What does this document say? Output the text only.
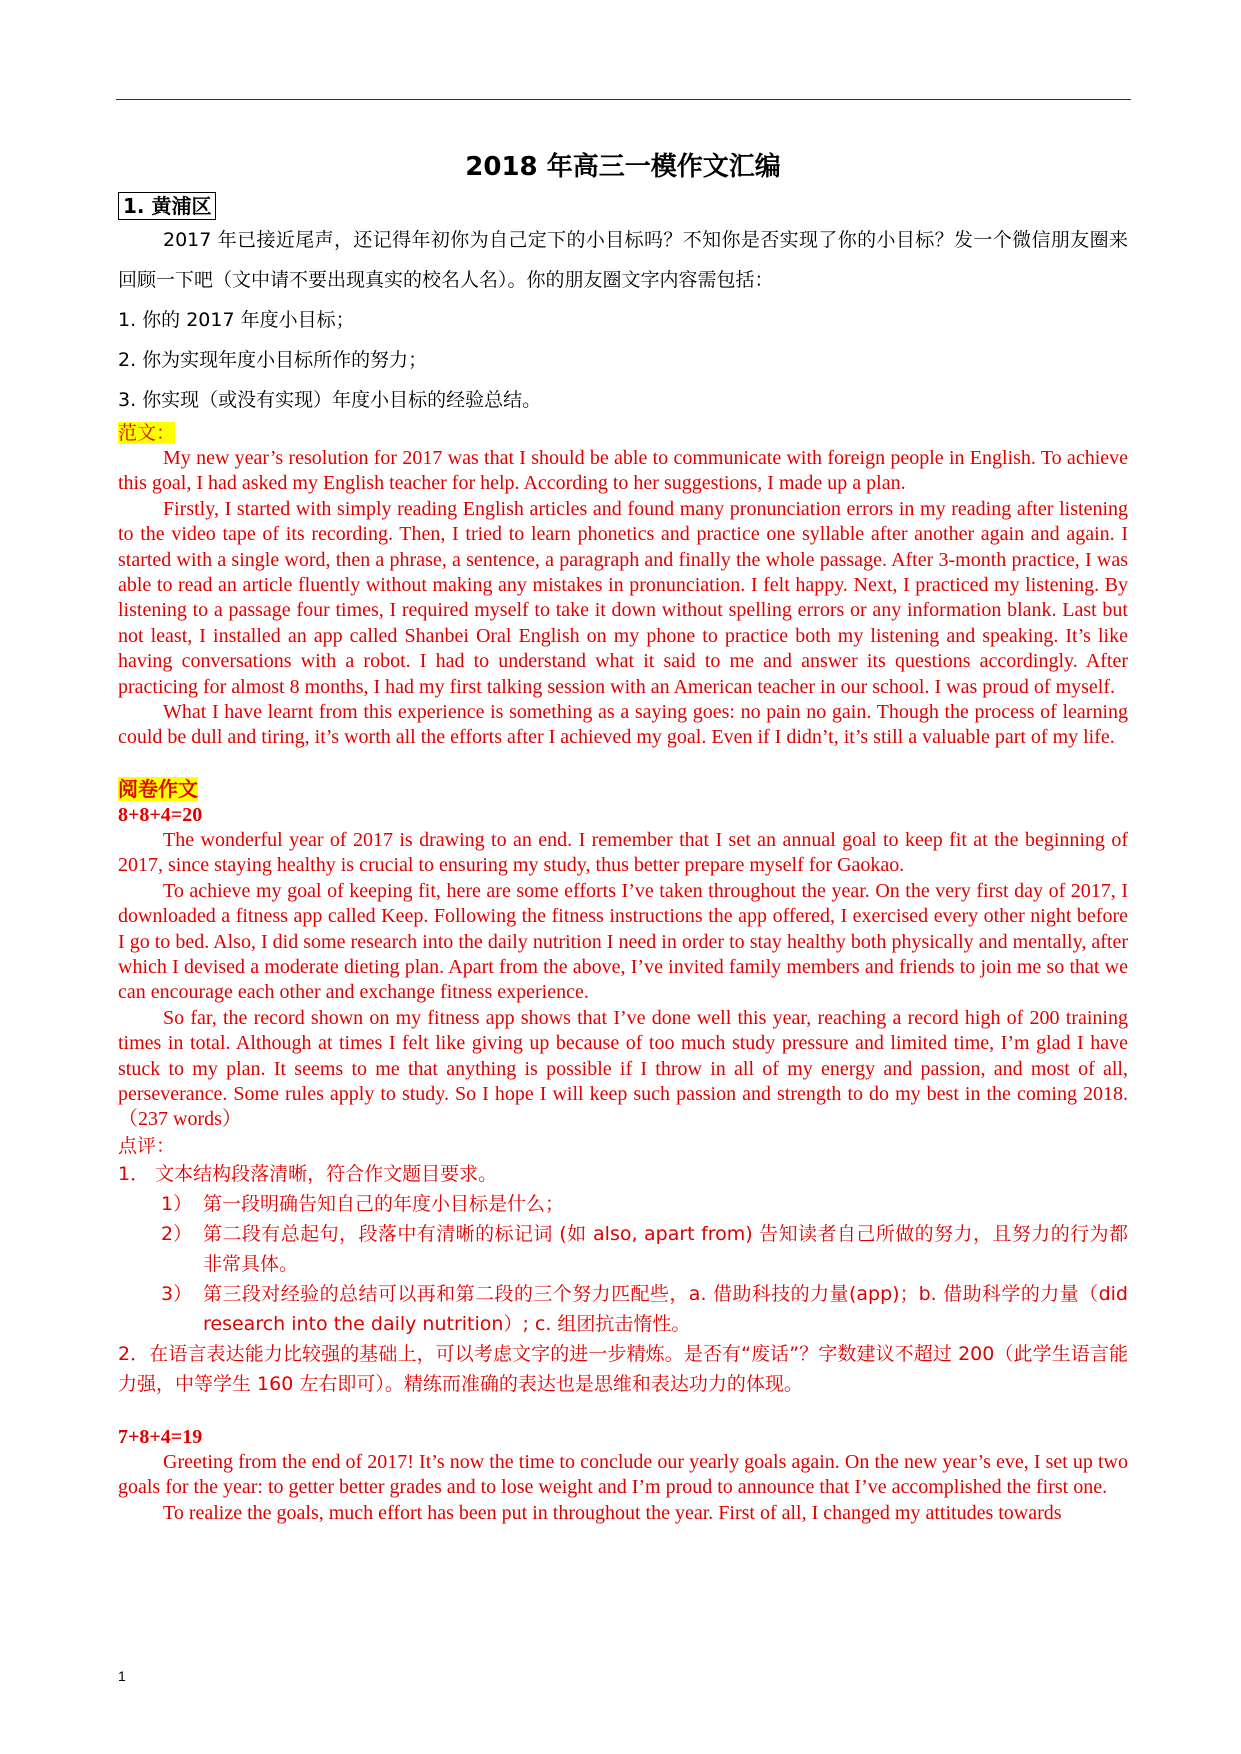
2018 年高三一模作文汇编
1. 黄浦区
2017 年已接近尾声，还记得年初你为自己定下的小目标吗？不知你是否实现了你的小目标？发一个微信朋友圈来回顾一下吧（文中请不要出现真实的校名人名）。你的朋友圈文字内容需包括：
1. 你的 2017 年度小目标；
2. 你为实现年度小目标所作的努力；
3. 你实现（或没有实现）年度小目标的经验总结。
范文：

My new year’s resolution for 2017 was that I should be able to communicate with foreign people in English. To achieve this goal, I had asked my English teacher for help. According to her suggestions, I made up a plan.

Firstly, I started with simply reading English articles and found many pronunciation errors in my reading after listening to the video tape of its recording. Then, I tried to learn phonetics and practice one syllable after another again and again. I started with a single word, then a phrase, a sentence, a paragraph and finally the whole passage. After 3-month practice, I was able to read an article fluently without making any mistakes in pronunciation. I felt happy. Next, I practiced my listening. By listening to a passage four times, I required myself to take it down without spelling errors or any information blank. Last but not least, I installed an app called Shanbei Oral English on my phone to practice both my listening and speaking. It’s like having conversations with a robot. I had to understand what it said to me and answer its questions accordingly. After practicing for almost 8 months, I had my first talking session with an American teacher in our school. I was proud of myself.

What I have learnt from this experience is something as a saying goes: no pain no gain. Though the process of learning could be dull and tiring, it’s worth all the efforts after I achieved my goal. Even if I didn’t, it’s still a valuable part of my life.

阅卷作文
8+8+4=20

The wonderful year of 2017 is drawing to an end. I remember that I set an annual goal to keep fit at the beginning of 2017, since staying healthy is crucial to ensuring my study, thus better prepare myself for Gaokao.

To achieve my goal of keeping fit, here are some efforts I’ve taken throughout the year. On the very first day of 2017, I downloaded a fitness app called Keep. Following the fitness instructions the app offered, I exercised every other night before I go to bed. Also, I did some research into the daily nutrition I need in order to stay healthy both physically and mentally, after which I devised a moderate dieting plan. Apart from the above, I’ve invited family members and friends to join me so that we can encourage each other and exchange fitness experience.

So far, the record shown on my fitness app shows that I’ve done well this year, reaching a record high of 200 training times in total. Although at times I felt like giving up because of too much study pressure and limited time, I’m glad I have stuck to my plan. It seems to me that anything is possible if I throw in all of my energy and passion, and most of all, perseverance. Some rules apply to study. So I hope I will keep such passion and strength to do my best in the coming 2018. （237 words）

点评：
1． 文本结构段落清晰，符合作文题目要求。
1） 第一段明确告知自己的年度小目标是什么；
2） 第二段有总起句，段落中有清晰的标记词 (如 also, apart from) 告知读者自己所做的努力，且努力的行为都非常具体。
3） 第三段对经验的总结可以再和第二段的三个努力匹配些，a. 借助科技的力量(app)；b. 借助科学的力量（did research into the daily nutrition）; c. 组团抗击惰性。
2．在语言表达能力比较强的基础上，可以考虑文字的进一步精炼。是否有“废话”？字数建议不超过 200（此学生语言能力强，中等学生 160 左右即可）。精练而准确的表达也是思维和表达功力的体现。
7+8+4=19

Greeting from the end of 2017! It’s now the time to conclude our yearly goals again. On the new year’s eve, I set up two goals for the year: to getter better grades and to lose weight and I’m proud to announce that I’ve accomplished the first one.

To realize the goals, much effort has been put in throughout the year. First of all, I changed my attitudes towards

1
